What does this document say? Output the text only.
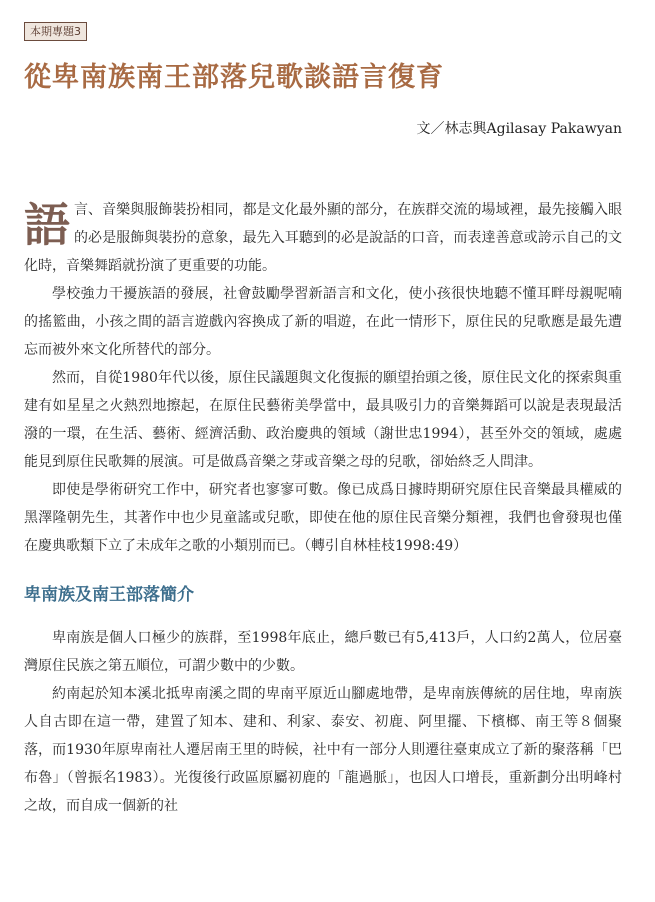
本期專題3
從卑南族南王部落兒歌談語言復育
文／林志興Agilasay Pakawyan

語言、音樂與服飾裝扮相同，都是文化最外顯的部分，在族群交流的場域裡，最先接觸入眼的必是服飾與裝扮的意象，最先入耳聽到的必是說話的口音，而表達善意或誇示自己的文化時，音樂舞蹈就扮演了更重要的功能。

學校強力干擾族語的發展，社會鼓勵學習新語言和文化，使小孩很快地聽不懂耳畔母親呢喃的搖籃曲，小孩之間的語言遊戲內容換成了新的唱遊，在此一情形下，原住民的兒歌應是最先遭忘而被外來文化所替代的部分。

然而，自從1980年代以後，原住民議題與文化復振的願望抬頭之後，原住民文化的探索與重建有如星星之火熱烈地擦起，在原住民藝術美學當中，最具吸引力的音樂舞蹈可以說是表現最活潑的一環，在生活、藝術、經濟活動、政治慶典的領域（謝世忠1994），甚至外交的領域，處處能見到原住民歌舞的展演。可是做爲音樂之芽或音樂之母的兒歌，卻始終乏人問津。

即使是學術研究工作中，研究者也寥寥可數。像已成爲日據時期研究原住民音樂最具權威的黑澤隆朝先生，其著作中也少見童謠或兒歌，即使在他的原住民音樂分類裡，我們也會發現也僅在慶典歌類下立了未成年之歌的小類別而已。（轉引自林桂枝1998:49）

卑南族及南王部落簡介

卑南族是個人口極少的族群，至1998年底止，總戶數已有5,413戶，人口約2萬人，位居臺灣原住民族之第五順位，可謂少數中的少數。

約南起於知本溪北抵卑南溪之間的卑南平原近山腳處地帶，是卑南族傳統的居住地，卑南族人自古即在這一帶，建置了知本、建和、利家、泰安、初鹿、阿里擺、下檳榔、南王等８個聚落，而1930年原卑南社人遷居南王里的時候，社中有一部分人則遷往臺東成立了新的聚落稱「巴布魯」（曾振名1983）。光復後行政區原屬初鹿的「龍過脈」，也因人口增長，重新劃分出明峰村之故，而自成一個新的社
